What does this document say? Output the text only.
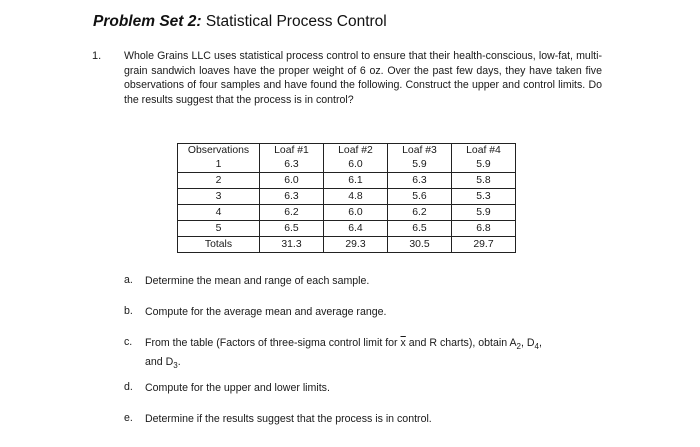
Problem Set 2: Statistical Process Control
1. Whole Grains LLC uses statistical process control to ensure that their health-conscious, low-fat, multi-grain sandwich loaves have the proper weight of 6 oz. Over the past few days, they have taken five observations of four samples and have found the following. Construct the upper and control limits. Do the results suggest that the process is in control?
Observations	Loaf #1	Loaf #2	Loaf #3	Loaf #4
1	6.3	6.0	5.9	5.9
2	6.0	6.1	6.3	5.8
3	6.3	4.8	5.6	5.3
4	6.2	6.0	6.2	5.9
5	6.5	6.4	6.5	6.8
Totals	31.3	29.3	30.5	29.7
a. Determine the mean and range of each sample.
b. Compute for the average mean and average range.
c. From the table (Factors of three-sigma control limit for $\overline{x}$ and R charts), obtain $A_2$, $D_4$,
and $D_3$.
d. Compute for the upper and lower limits.
e. Determine if the results suggest that the process is in control.
